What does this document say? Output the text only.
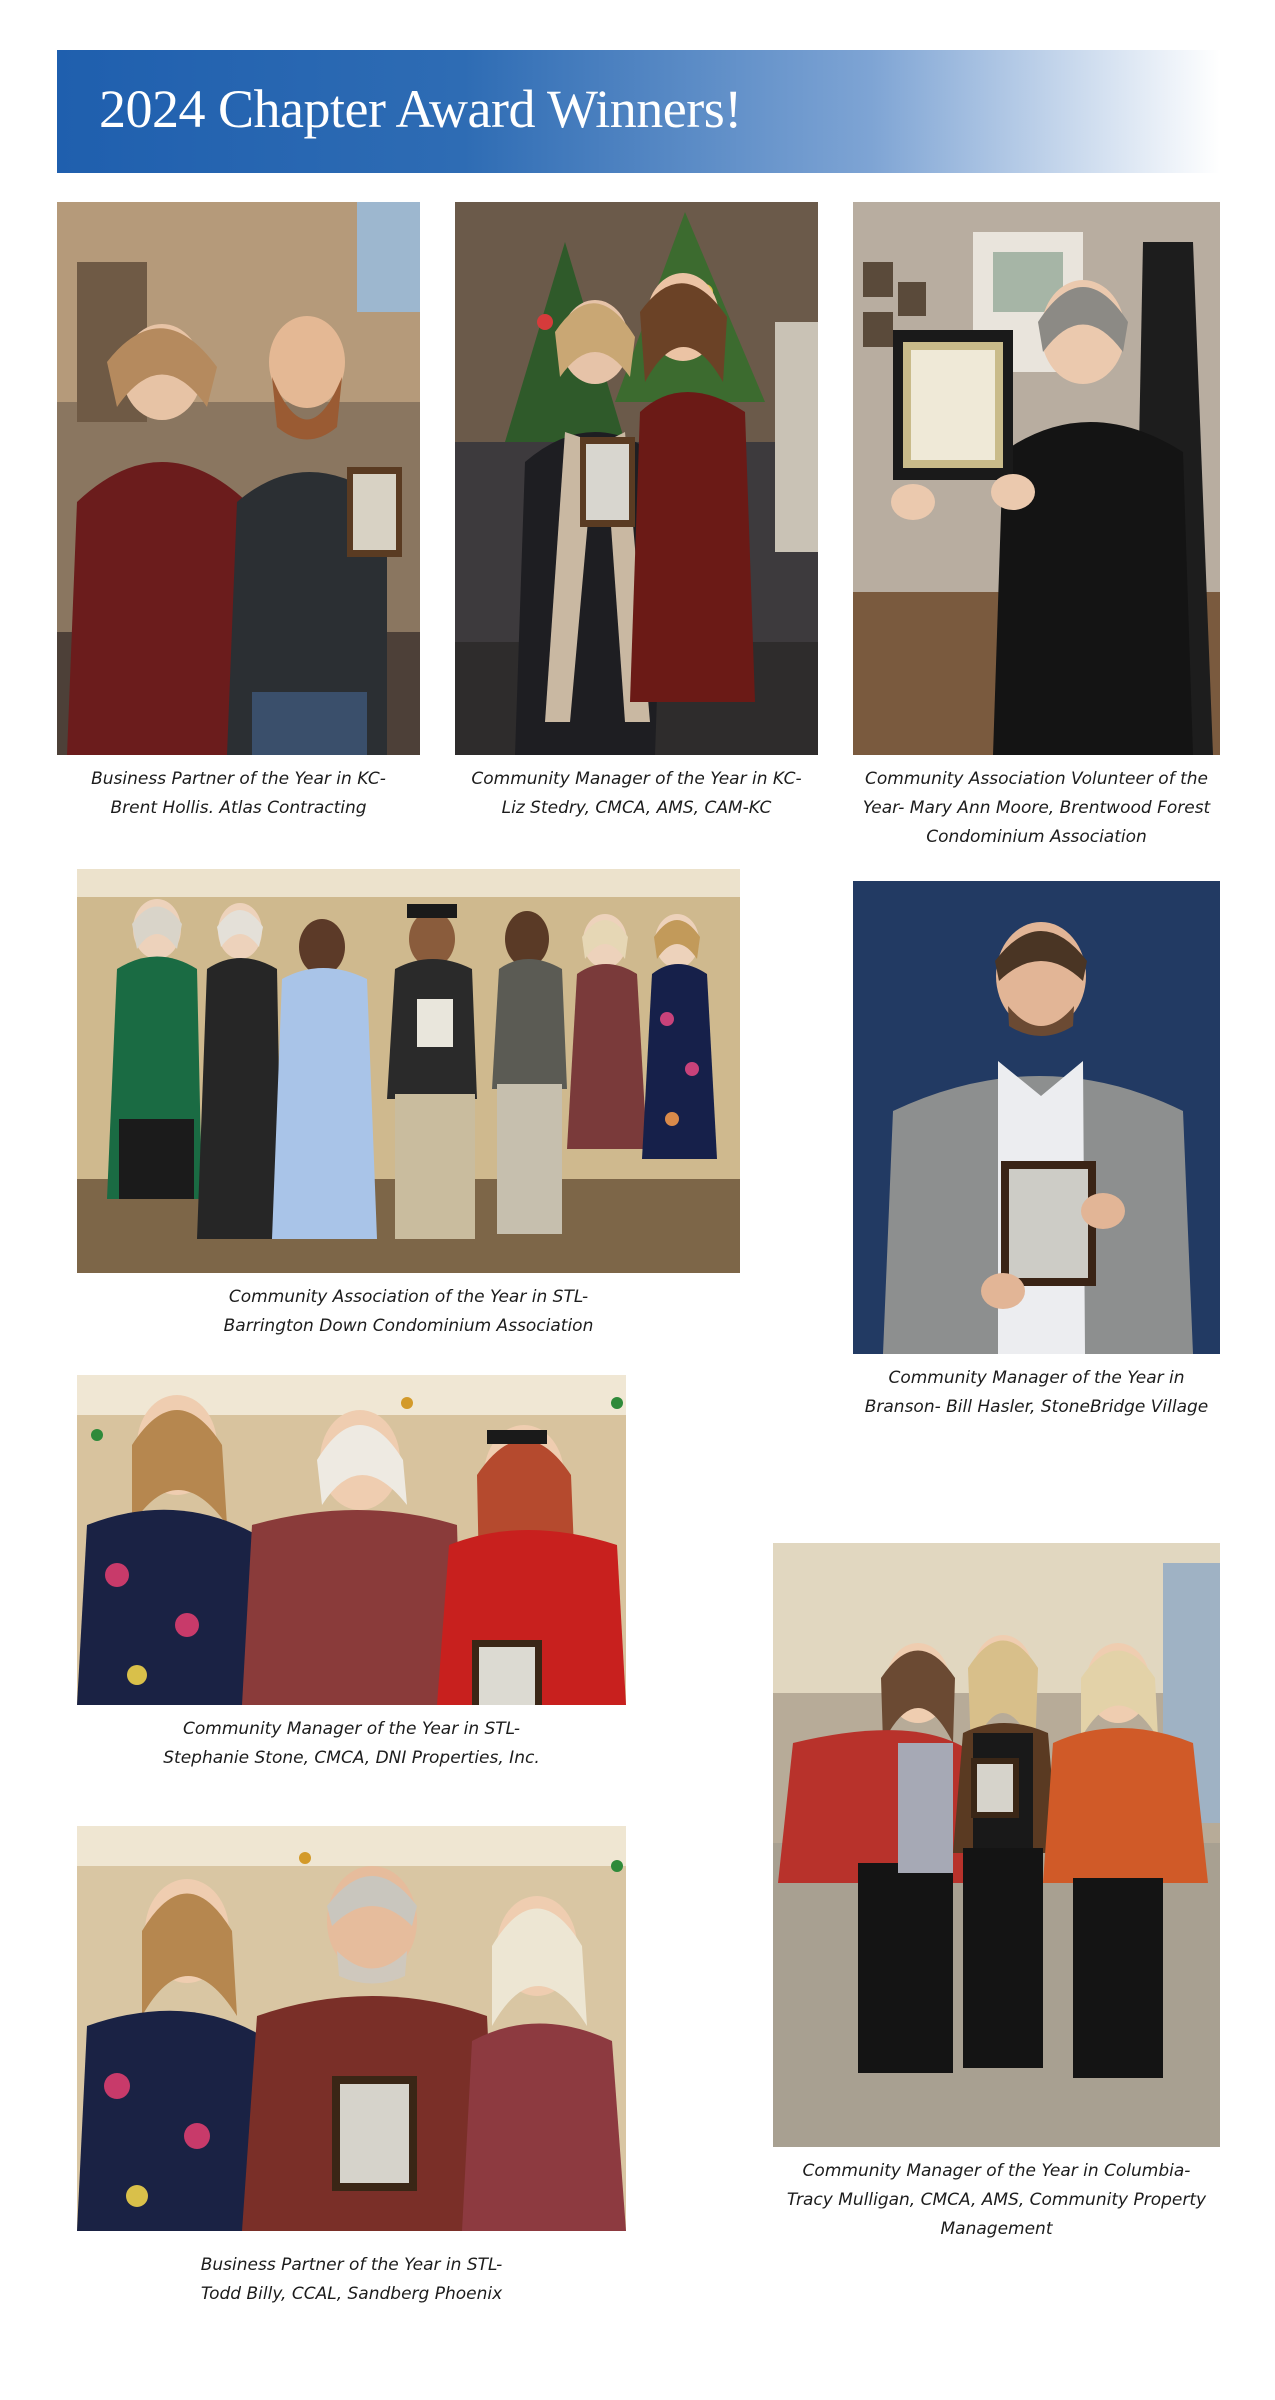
2024 Chapter Award Winners!
Business Partner of the Year in KC-
Brent Hollis. Atlas Contracting
Community Manager of the Year in KC-
Liz Stedry, CMCA, AMS, CAM-KC
Community Association Volunteer of the
Year- Mary Ann Moore, Brentwood Forest
Condominium Association
Community Association of the Year in STL-
Barrington Down Condominium Association
Community Manager of the Year in
Branson- Bill Hasler, StoneBridge Village
Community Manager of the Year in STL-
Stephanie Stone, CMCA, DNI Properties, Inc.
Community Manager of the Year in Columbia-
Tracy Mulligan, CMCA, AMS, Community Property
Management
Business Partner of the Year in STL-
Todd Billy, CCAL, Sandberg Phoenix
